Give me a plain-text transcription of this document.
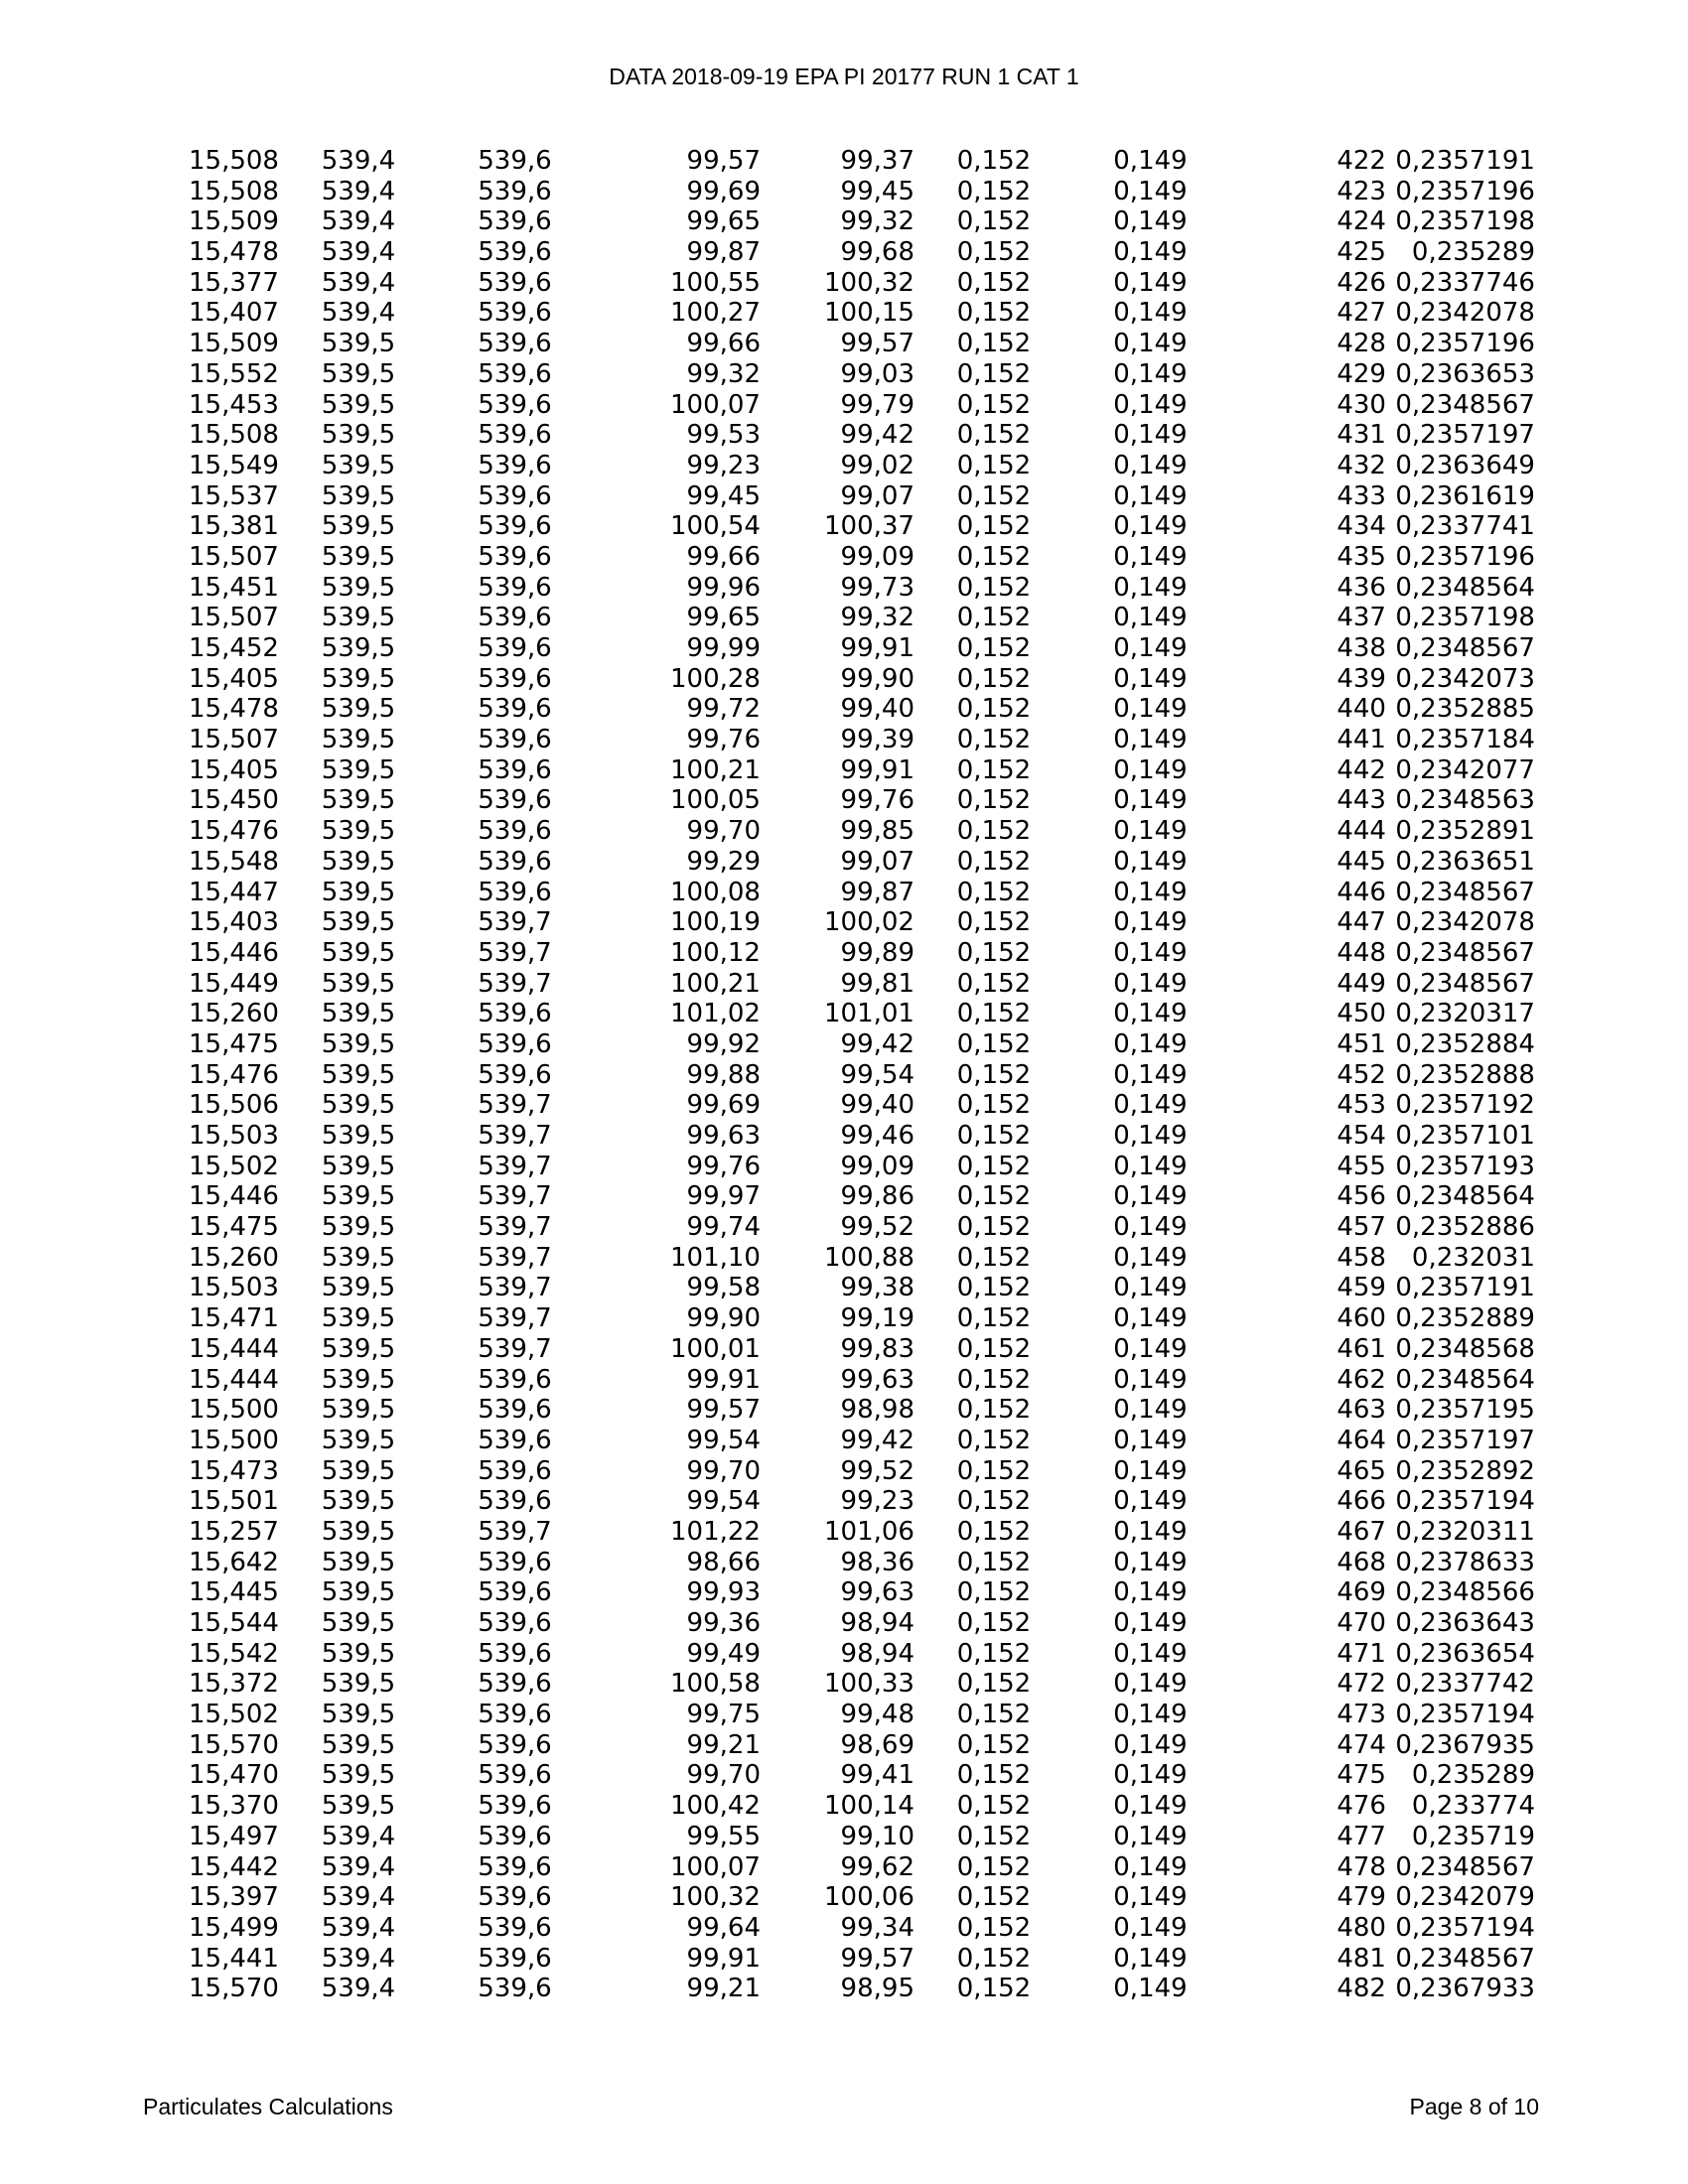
DATA 2018-09-19 EPA PI 20177 RUN 1 CAT 1
15,508	539,4	539,6	99,57	99,37	0,152	0,149	422	0,2357191
15,508	539,4	539,6	99,69	99,45	0,152	0,149	423	0,2357196
15,509	539,4	539,6	99,65	99,32	0,152	0,149	424	0,2357198
15,478	539,4	539,6	99,87	99,68	0,152	0,149	425	0,235289
15,377	539,4	539,6	100,55	100,32	0,152	0,149	426	0,2337746
15,407	539,4	539,6	100,27	100,15	0,152	0,149	427	0,2342078
15,509	539,5	539,6	99,66	99,57	0,152	0,149	428	0,2357196
15,552	539,5	539,6	99,32	99,03	0,152	0,149	429	0,2363653
15,453	539,5	539,6	100,07	99,79	0,152	0,149	430	0,2348567
15,508	539,5	539,6	99,53	99,42	0,152	0,149	431	0,2357197
15,549	539,5	539,6	99,23	99,02	0,152	0,149	432	0,2363649
15,537	539,5	539,6	99,45	99,07	0,152	0,149	433	0,2361619
15,381	539,5	539,6	100,54	100,37	0,152	0,149	434	0,2337741
15,507	539,5	539,6	99,66	99,09	0,152	0,149	435	0,2357196
15,451	539,5	539,6	99,96	99,73	0,152	0,149	436	0,2348564
15,507	539,5	539,6	99,65	99,32	0,152	0,149	437	0,2357198
15,452	539,5	539,6	99,99	99,91	0,152	0,149	438	0,2348567
15,405	539,5	539,6	100,28	99,90	0,152	0,149	439	0,2342073
15,478	539,5	539,6	99,72	99,40	0,152	0,149	440	0,2352885
15,507	539,5	539,6	99,76	99,39	0,152	0,149	441	0,2357184
15,405	539,5	539,6	100,21	99,91	0,152	0,149	442	0,2342077
15,450	539,5	539,6	100,05	99,76	0,152	0,149	443	0,2348563
15,476	539,5	539,6	99,70	99,85	0,152	0,149	444	0,2352891
15,548	539,5	539,6	99,29	99,07	0,152	0,149	445	0,2363651
15,447	539,5	539,6	100,08	99,87	0,152	0,149	446	0,2348567
15,403	539,5	539,7	100,19	100,02	0,152	0,149	447	0,2342078
15,446	539,5	539,7	100,12	99,89	0,152	0,149	448	0,2348567
15,449	539,5	539,7	100,21	99,81	0,152	0,149	449	0,2348567
15,260	539,5	539,6	101,02	101,01	0,152	0,149	450	0,2320317
15,475	539,5	539,6	99,92	99,42	0,152	0,149	451	0,2352884
15,476	539,5	539,6	99,88	99,54	0,152	0,149	452	0,2352888
15,506	539,5	539,7	99,69	99,40	0,152	0,149	453	0,2357192
15,503	539,5	539,7	99,63	99,46	0,152	0,149	454	0,2357101
15,502	539,5	539,7	99,76	99,09	0,152	0,149	455	0,2357193
15,446	539,5	539,7	99,97	99,86	0,152	0,149	456	0,2348564
15,475	539,5	539,7	99,74	99,52	0,152	0,149	457	0,2352886
15,260	539,5	539,7	101,10	100,88	0,152	0,149	458	0,232031
15,503	539,5	539,7	99,58	99,38	0,152	0,149	459	0,2357191
15,471	539,5	539,7	99,90	99,19	0,152	0,149	460	0,2352889
15,444	539,5	539,7	100,01	99,83	0,152	0,149	461	0,2348568
15,444	539,5	539,6	99,91	99,63	0,152	0,149	462	0,2348564
15,500	539,5	539,6	99,57	98,98	0,152	0,149	463	0,2357195
15,500	539,5	539,6	99,54	99,42	0,152	0,149	464	0,2357197
15,473	539,5	539,6	99,70	99,52	0,152	0,149	465	0,2352892
15,501	539,5	539,6	99,54	99,23	0,152	0,149	466	0,2357194
15,257	539,5	539,7	101,22	101,06	0,152	0,149	467	0,2320311
15,642	539,5	539,6	98,66	98,36	0,152	0,149	468	0,2378633
15,445	539,5	539,6	99,93	99,63	0,152	0,149	469	0,2348566
15,544	539,5	539,6	99,36	98,94	0,152	0,149	470	0,2363643
15,542	539,5	539,6	99,49	98,94	0,152	0,149	471	0,2363654
15,372	539,5	539,6	100,58	100,33	0,152	0,149	472	0,2337742
15,502	539,5	539,6	99,75	99,48	0,152	0,149	473	0,2357194
15,570	539,5	539,6	99,21	98,69	0,152	0,149	474	0,2367935
15,470	539,5	539,6	99,70	99,41	0,152	0,149	475	0,235289
15,370	539,5	539,6	100,42	100,14	0,152	0,149	476	0,233774
15,497	539,4	539,6	99,55	99,10	0,152	0,149	477	0,235719
15,442	539,4	539,6	100,07	99,62	0,152	0,149	478	0,2348567
15,397	539,4	539,6	100,32	100,06	0,152	0,149	479	0,2342079
15,499	539,4	539,6	99,64	99,34	0,152	0,149	480	0,2357194
15,441	539,4	539,6	99,91	99,57	0,152	0,149	481	0,2348567
15,570	539,4	539,6	99,21	98,95	0,152	0,149	482	0,2367933
Particulates Calculations	Page 8 of 10
